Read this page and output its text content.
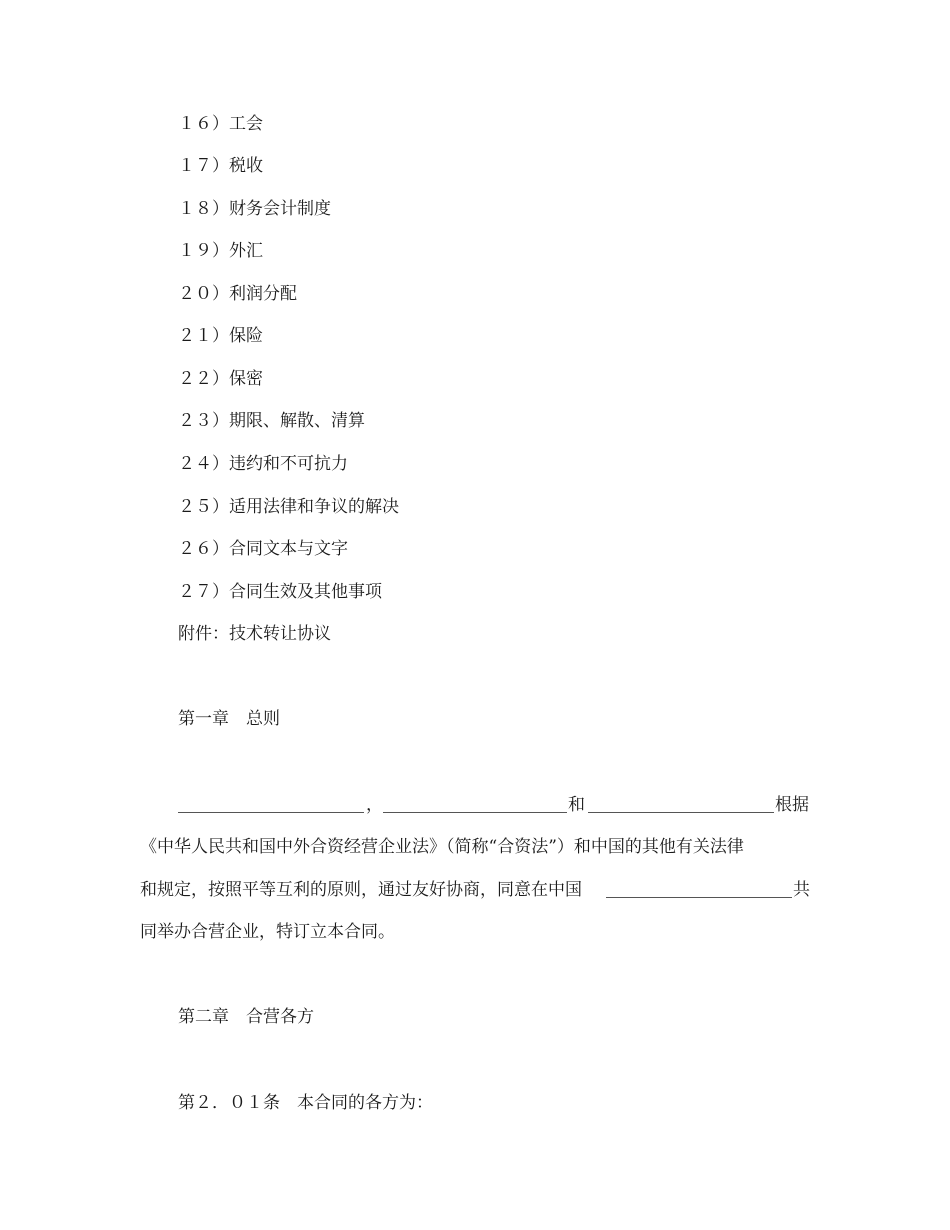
１６）工会
１７）税收
１８）财务会计制度
１９）外汇
２０）利润分配
２１）保险
２２）保密
２３）期限、解散、清算
２４）违约和不可抗力
２５）适用法律和争议的解决
２６）合同文本与文字
２７）合同生效及其他事项
附件：技术转让协议
第一章　总则
，	和	根据
《中华人民共和国中外合资经营企业法》（简称“合资法”）和中国的其他有关法律
和规定，按照平等互利的原则，通过友好协商，同意在中国	共
同举办合营企业，特订立本合同。
第二章　合营各方
第２．０１条　本合同的各方为：
